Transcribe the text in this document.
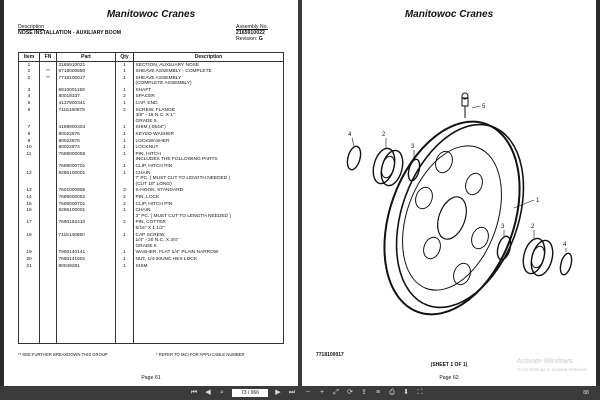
Manitowoc Cranes
Description
NOSE INSTALLATION - AUXILIARY BOOM
Assembly No.
2165910022
Revision: G
Item	FN	Part	Qty	Description
1		2165910021	1	SECTION, AUXILIARY NOSE

2	**	6718000580	1	SHEAVE ASSEMBLY - COMPLETE

2	**	7718100017	1	SHEAVE ASSEMBLY
(COMPLETE ASSEMBLY)

3		6810001159	1	SHAFT

4		80018337	2	SPACER

5		4137900341	1	CAP, END

6		7115160678	2	SCREW, FLANGE
3/8" - 16 N.C. X 1"
GRADE 5

7		4159900304	1	SHIM (.0544")

8		80022876	1	KEYED WASHER

9		80022875	1	LOCKWASHER

10		80022874	1	LOCKNUT

11		7689000059	1	PIN, HITCH
INCLUDES THE FOLLOWING PARTS

		7689000701	1	CLIP, HITCH PIN

12		9286100001	1	CHAIN
7' PC. ( MUST CUT TO LENGTH NEEDED )
(CUT 10" LONG)

13		7601000955	3	S-HOOK, STANDARD

14		7689000052	2	PIN, LOCK

15		7689000701	2	CLIP, HITCH PIN

16		9286100001	1	CHAIN
3" PC. ( MUST CUT TO LENGTH NEEDED )

17		7690152410	2	PIN, COTTER
5/16" X 1 1/2"

18		7115140650	1	CAP SCREW,
1/4" - 20 N.C. X 3/4"
GRADE 5

19		7950140141	1	WASHER, FLAT 1/4" PLAIN NARROW

20		7660141601	1	NUT, 1/4-20UNC HEX LOCK

21		80049281	1	SHIM
** SEE FURTHER BREAKDOWN THIS GROUP	* REFER TO MCI FOR APPLICABLE NUMBER
Page 61
Manitowoc Cranes
4	2
3
1
3	2
4
5
7718100017
(SHEET 1 OF 1)
Page 62
Activate Windows
Go to Settings to activate Windows.
⏮ ◀ ⌕
73 / 966	▶ ⏭ − + ⤢ ⟳ ⇪ ≡ ⎙ ⬇ ⛶	88
